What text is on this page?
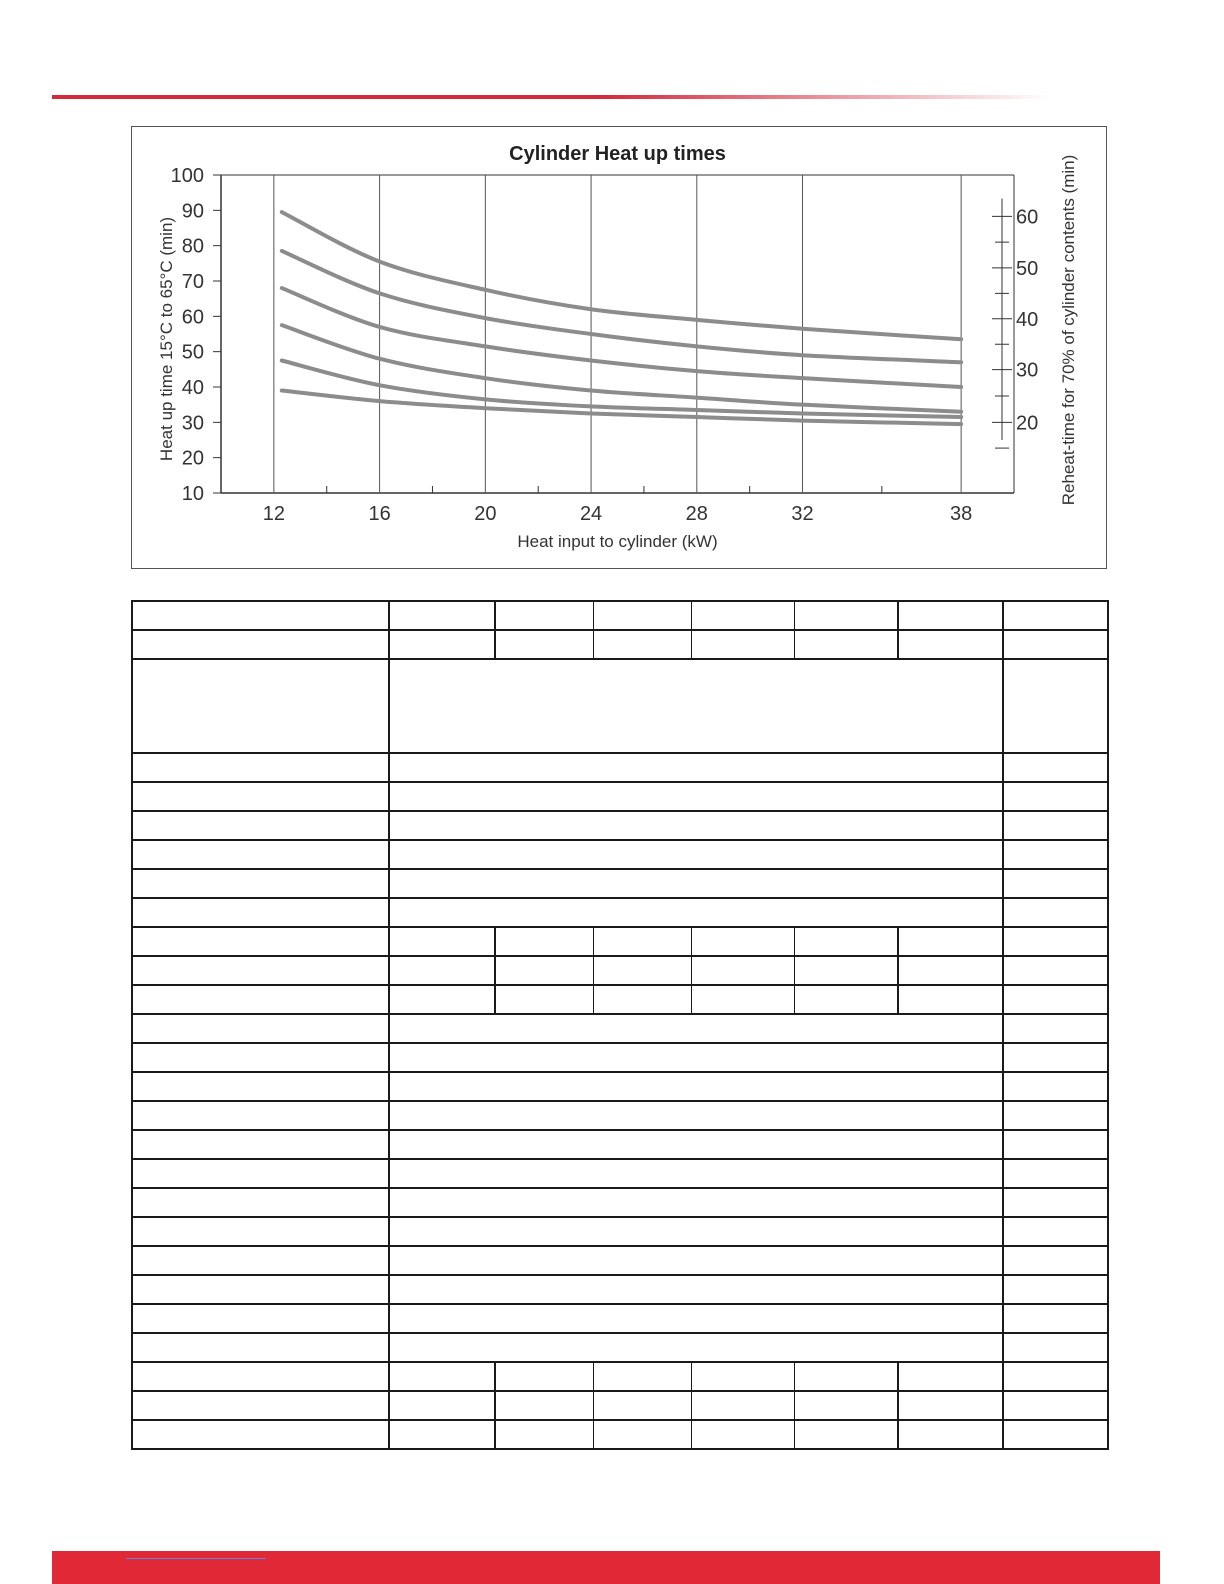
12	16	20	24	28	32	38
10
20
30
40
50
60
70
80
90
100
20
30
40
50
60
Cylinder Heat up times
Heat input to cylinder (kW)
Heat up time 15°C to 65°C (min)	Reheat-time for 70% of cylinder contents (min)
